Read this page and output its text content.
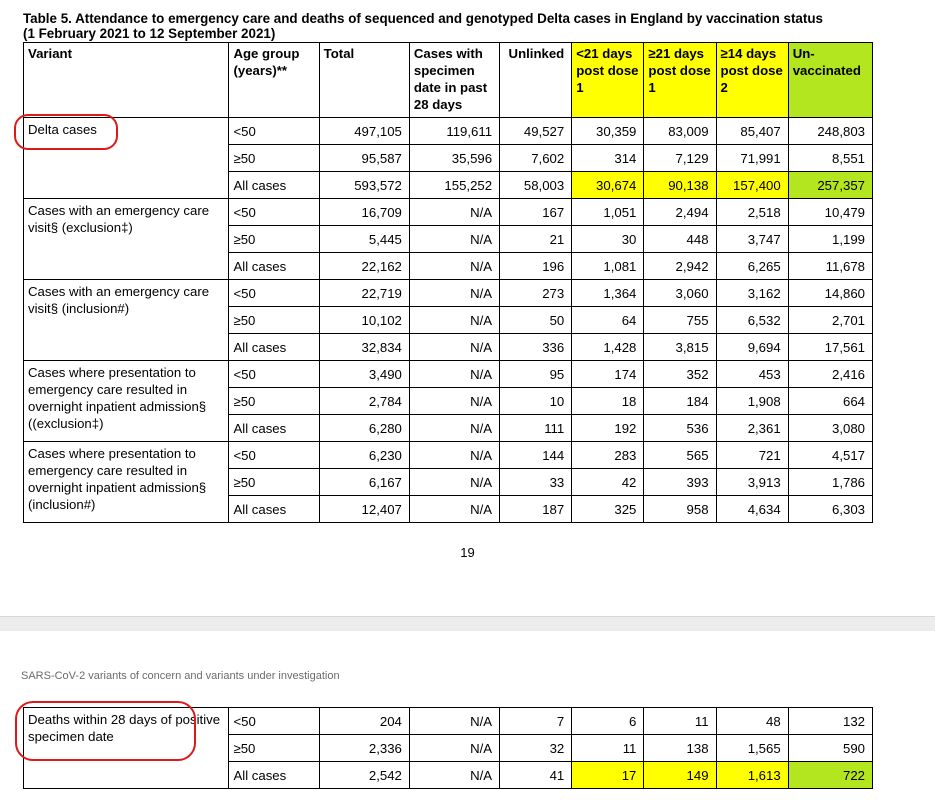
Table 5. Attendance to emergency care and deaths of sequenced and genotyped Delta cases in England by vaccination status
(1 February 2021 to 12 September 2021)
Variant	Age group (years)**	Total	Cases with specimen date in past 28 days	Unlinked	<21 days post dose 1	≥21 days post dose 1	≥14 days post dose 2	Un-vaccinated
Delta cases	<50	497,105	119,611	49,527	30,359	83,009	85,407	248,803
	≥50	95,587	35,596	7,602	314	7,129	71,991	8,551
	All cases	593,572	155,252	58,003	30,674	90,138	157,400	257,357
Cases with an emergency care visit§ (exclusion‡)	<50	16,709	N/A	167	1,051	2,494	2,518	10,479
	≥50	5,445	N/A	21	30	448	3,747	1,199
	All cases	22,162	N/A	196	1,081	2,942	6,265	11,678
Cases with an emergency care visit§ (inclusion#)	<50	22,719	N/A	273	1,364	3,060	3,162	14,860
	≥50	10,102	N/A	50	64	755	6,532	2,701
	All cases	32,834	N/A	336	1,428	3,815	9,694	17,561
Cases where presentation to emergency care resulted in overnight inpatient admission§ ((exclusion‡)	<50	3,490	N/A	95	174	352	453	2,416
	≥50	2,784	N/A	10	18	184	1,908	664
	All cases	6,280	N/A	111	192	536	2,361	3,080
Cases where presentation to emergency care resulted in overnight inpatient admission§ (inclusion#)	<50	6,230	N/A	144	283	565	721	4,517
	≥50	6,167	N/A	33	42	393	3,913	1,786
	All cases	12,407	N/A	187	325	958	4,634	6,303
19
SARS-CoV-2 variants of concern and variants under investigation
Deaths within 28 days of positive specimen date	<50	204	N/A	7	6	11	48	132
	≥50	2,336	N/A	32	11	138	1,565	590
	All cases	2,542	N/A	41	17	149	1,613	722
